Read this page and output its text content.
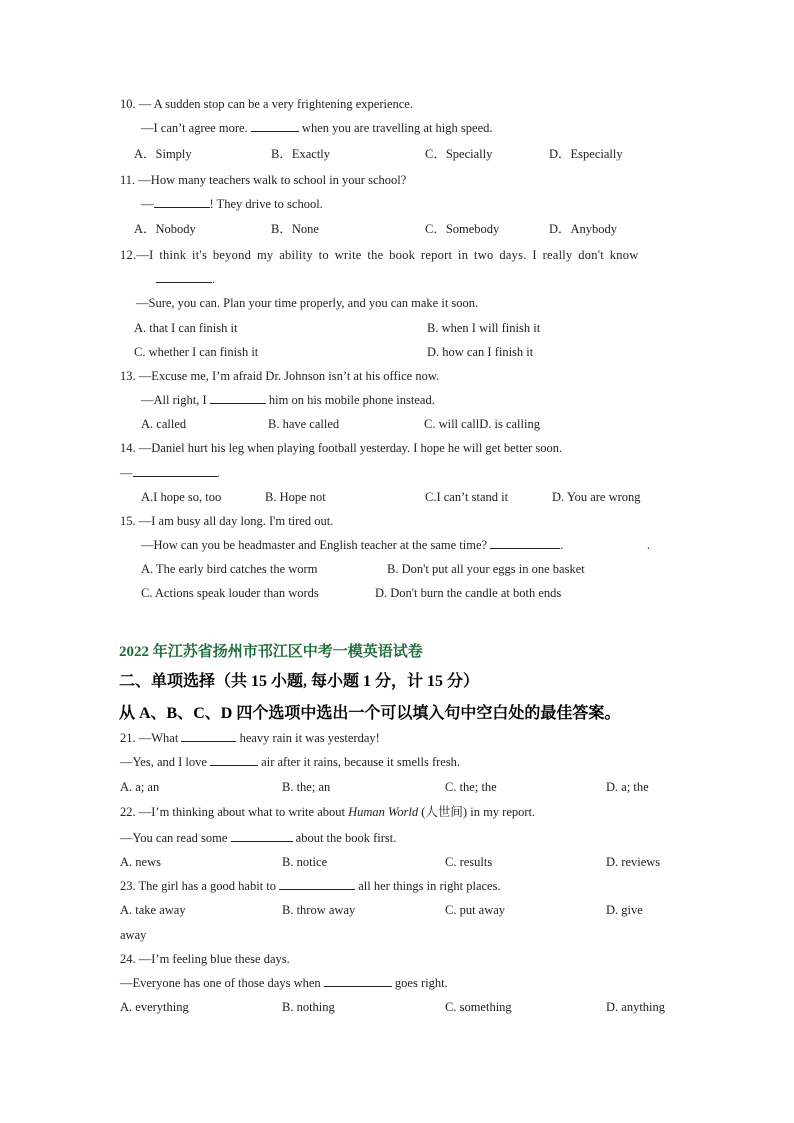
10. — A sudden stop can be a very frightening experience.
—I can’t agree more.	when you are travelling at high speed.
A．Simply	B．Exactly	C．Specially	D．Especially
11. —How many teachers walk to school in your school?
—	! They drive to school.
A．Nobody	B．None	C．Somebody	D．Anybody
12.—I think it's beyond my ability to write the book report in two days. I really don't know
.
—Sure, you can. Plan your time properly, and you can make it soon.
A. that I can finish it	B. when I will finish it
C. whether I can finish it	D. how can I finish it
13. —Excuse me, I’m afraid Dr. Johnson isn’t at his office now.
—All right, I	him on his mobile phone instead.
A. called	B. have called	C. will callD. is calling
14. —Daniel hurt his leg when playing football yesterday. I hope he will get better soon.
—	.
A.I hope so, too	B. Hope not	C.I can’t stand it	D. You are wrong
15. —I am busy all day long. I'm tired out.
—How can you be headmaster and English teacher at the same time?	.	.
A. The early bird catches the worm	B. Don't put all your eggs in one basket
C. Actions speak louder than words	D. Don't burn the candle at both ends
2022 年江苏省扬州市邗江区中考一模英语试卷
二、单项选择（共 15 小题, 每小题 1 分，计 15 分）
从 A、B、C、D 四个选项中选出一个可以填入句中空白处的最佳答案。
21. —What	heavy rain it was yesterday!
—Yes, and I love	air after it rains, because it smells fresh.
A. a; an	B. the; an	C. the; the	D. a; the
22. —I’m thinking about what to write about Human World (人世间) in my report.
—You can read some	about the book first.
A. news	B. notice	C. results	D. reviews
23. The girl has a good habit to	all her things in right places.
A. take away	B. throw away	C. put away	D. give
away
24. —I’m feeling blue these days.
—Everyone has one of those days when	goes right.
A. everything	B. nothing	C. something	D. anything
